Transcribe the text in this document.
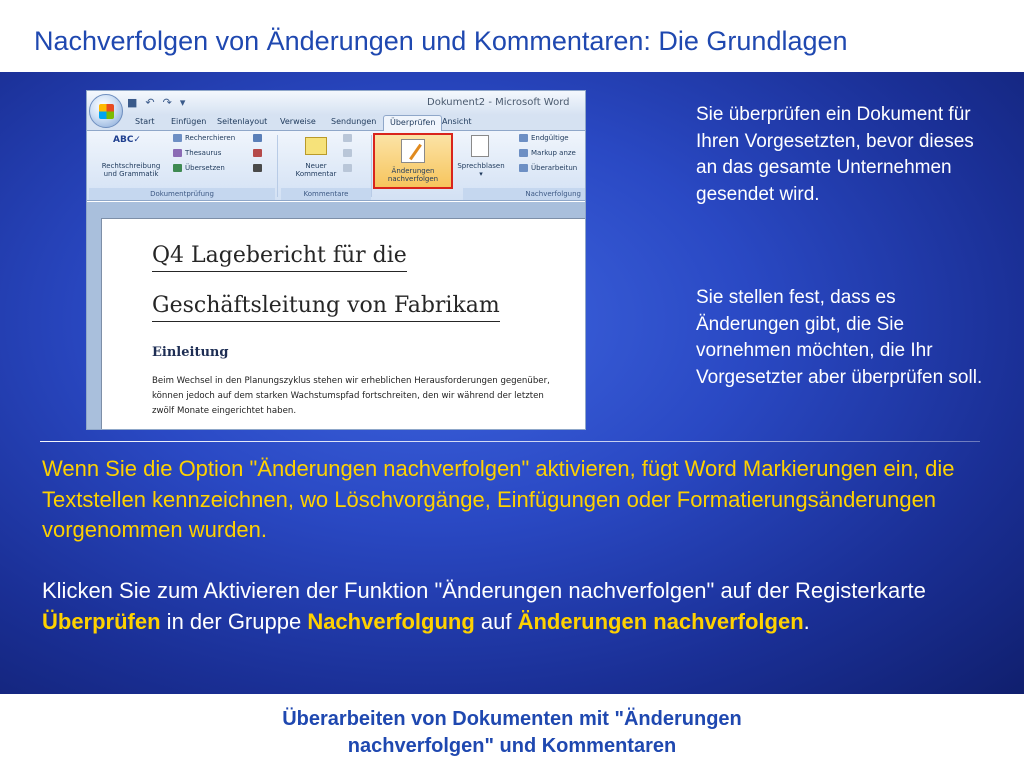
Nachverfolgen von Änderungen und Kommentaren: Die Grundlagen
■ ↶ ↷ ▾	Dokument2 - Microsoft Word
Start Einfügen Seitenlayout Verweise Sendungen	Überprüfen Ansicht
ABC✓
Rechtschreibung
und Grammatik
Recherchieren
Thesaurus
Übersetzen
Dokumentprüfung
Neuer
Kommentar
Kommentare
Änderungen
nachverfolgen
Sprechblasen
▾
Endgültige
Markup anze
Überarbeitun
Nachverfolgung
Q4 Lagebericht für die
Geschäftsleitung von Fabrikam
Einleitung
Beim Wechsel in den Planungszyklus stehen wir erheblichen Herausforderungen gegenüber,
können jedoch auf dem starken Wachstumspfad fortschreiten, den wir während der letzten
zwölf Monate eingerichtet haben.
Sie überprüfen ein Dokument für Ihren Vorgesetzten, bevor dieses an das gesamte Unternehmen gesendet wird.
Sie stellen fest, dass es Änderungen gibt, die Sie vornehmen möchten, die Ihr Vorgesetzter aber überprüfen soll.
Wenn Sie die Option "Änderungen nachverfolgen" aktivieren, fügt Word Markierungen ein, die Textstellen kennzeichnen, wo Löschvorgänge, Einfügungen oder Formatierungsänderungen vorgenommen wurden.
Klicken Sie zum Aktivieren der Funktion "Änderungen nachverfolgen" auf der Registerkarte Überprüfen in der Gruppe Nachverfolgung auf Änderungen nachverfolgen.
Überarbeiten von Dokumenten mit "Änderungen
nachverfolgen" und Kommentaren
